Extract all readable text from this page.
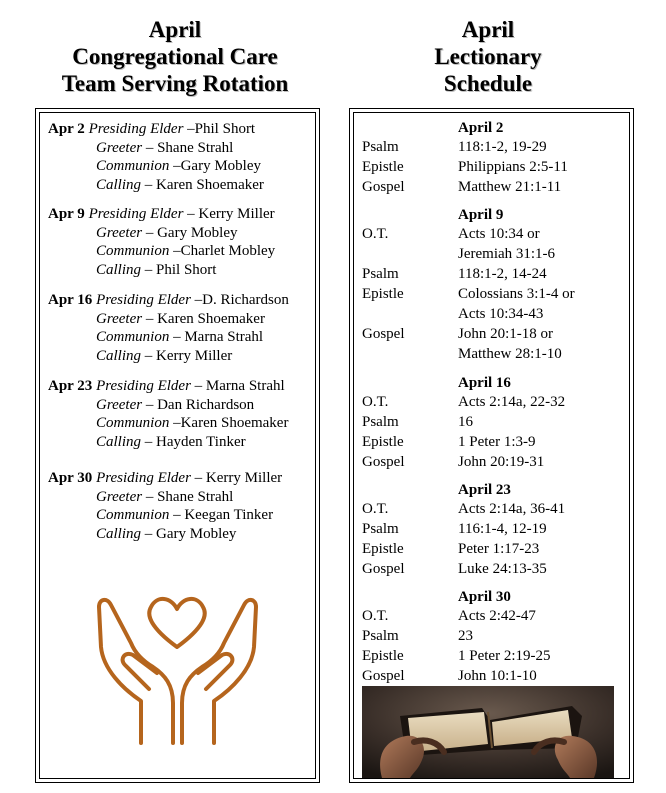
April
Congregational Care
Team Serving Rotation
April
Lectionary
Schedule
Apr 2 Presiding Elder –Phil Short
Greeter – Shane Strahl
Communion –Gary Mobley
Calling – Karen Shoemaker
Apr 9 Presiding Elder – Kerry Miller
Greeter – Gary Mobley
Communion –Charlet Mobley
Calling – Phil Short
Apr 16 Presiding Elder –D. Richardson
Greeter – Karen Shoemaker
Communion – Marna Strahl
Calling – Kerry Miller
Apr 23 Presiding Elder – Marna Strahl
Greeter – Dan Richardson
Communion –Karen Shoemaker
Calling – Hayden Tinker
Apr 30 Presiding Elder – Kerry Miller
Greeter – Shane Strahl
Communion – Keegan Tinker
Calling – Gary Mobley
April 2
Psalm	118:1-2, 19-29
Epistle	Philippians 2:5-11
Gospel	Matthew 21:1-11
April 9
O.T.	Acts 10:34 or
Jeremiah 31:1-6
Psalm	118:1-2, 14-24
Epistle	Colossians 3:1-4 or
Acts 10:34-43
Gospel	John 20:1-18 or
Matthew 28:1-10
April 16
O.T.	Acts 2:14a, 22-32
Psalm	16
Epistle	1 Peter 1:3-9
Gospel	John 20:19-31
April 23
O.T.	Acts 2:14a, 36-41
Psalm	116:1-4, 12-19
Epistle	Peter 1:17-23
Gospel	Luke 24:13-35
April 30
O.T.	Acts 2:42-47
Psalm	23
Epistle	1 Peter 2:19-25
Gospel	John 10:1-10
